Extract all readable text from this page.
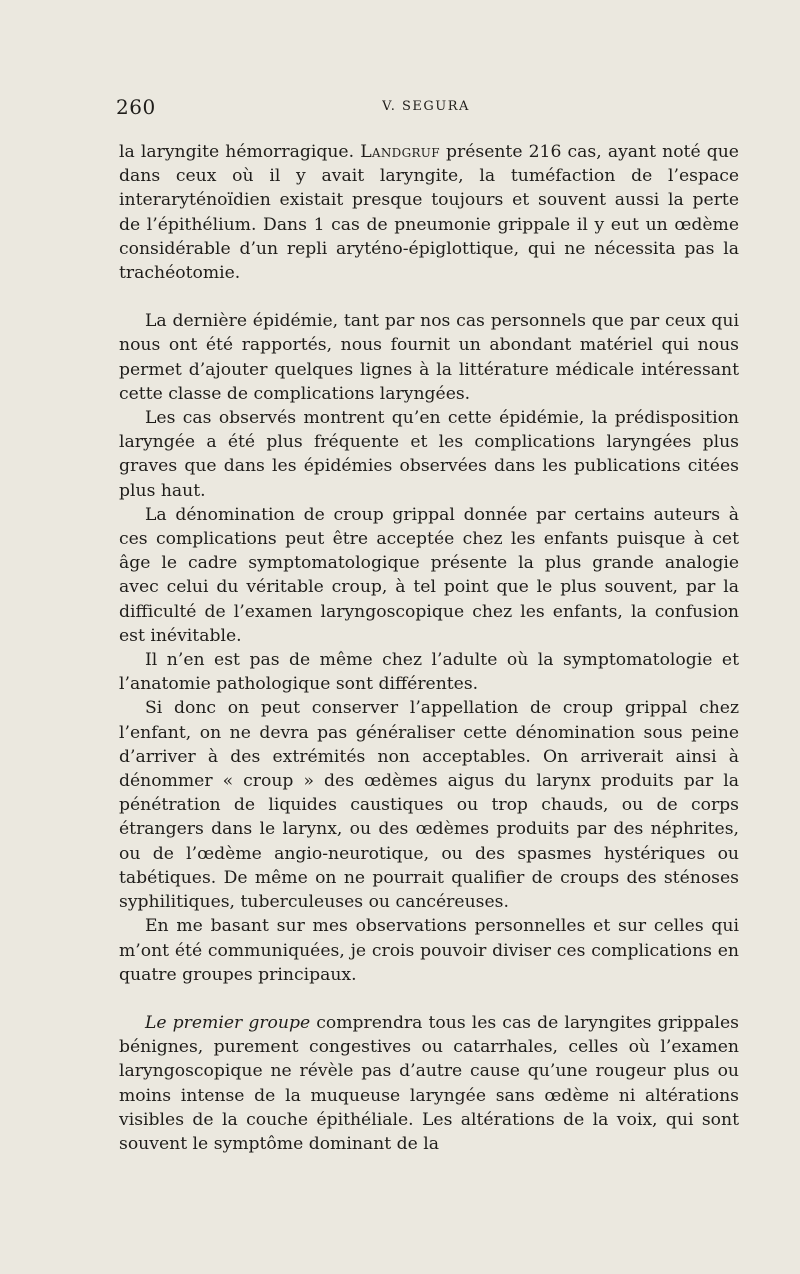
260	V. SEGURA

la laryngite hémorragique. Landgruf présente 216 cas, ayant noté que dans ceux où il y avait laryngite, la tuméfaction de l’espace interaryténoïdien existait presque toujours et souvent aussi la perte de l’épithélium. Dans 1 cas de pneumonie grippale il y eut un œdème considérable d’un repli aryténo-épiglottique, qui ne nécessita pas la trachéotomie.

La dernière épidémie, tant par nos cas personnels que par ceux qui nous ont été rapportés, nous fournit un abondant matériel qui nous permet d’ajouter quelques lignes à la littérature médicale intéressant cette classe de complications laryngées.

Les cas observés montrent qu’en cette épidémie, la prédisposition laryngée a été plus fréquente et les complications laryngées plus graves que dans les épidémies observées dans les publications citées plus haut.

La dénomination de croup grippal donnée par certains auteurs à ces complications peut être acceptée chez les enfants puisque à cet âge le cadre symptomatologique présente la plus grande analogie avec celui du véritable croup, à tel point que le plus souvent, par la difficulté de l’examen laryngoscopique chez les enfants, la confusion est inévitable.

Il n’en est pas de même chez l’adulte où la symptomatologie et l’anatomie pathologique sont différentes.

Si donc on peut conserver l’appellation de croup grippal chez l’enfant, on ne devra pas généraliser cette dénomination sous peine d’arriver à des extrémités non acceptables. On arriverait ainsi à dénommer « croup » des œdèmes aigus du larynx produits par la pénétration de liquides caustiques ou trop chauds, ou de corps étrangers dans le larynx, ou des œdèmes produits par des néphrites, ou de l’œdème angio-neurotique, ou des spasmes hystériques ou tabétiques. De même on ne pourrait qualifier de croups des sténoses syphilitiques, tuberculeuses ou cancéreuses.

En me basant sur mes observations personnelles et sur celles qui m’ont été communiquées, je crois pouvoir diviser ces complications en quatre groupes principaux.

Le premier groupe comprendra tous les cas de laryngites grippales bénignes, purement congestives ou catarrhales, celles où l’examen laryngoscopique ne révèle pas d’autre cause qu’une rougeur plus ou moins intense de la muqueuse laryngée sans œdème ni altérations visibles de la couche épithéliale. Les altérations de la voix, qui sont souvent le symptôme dominant de la
